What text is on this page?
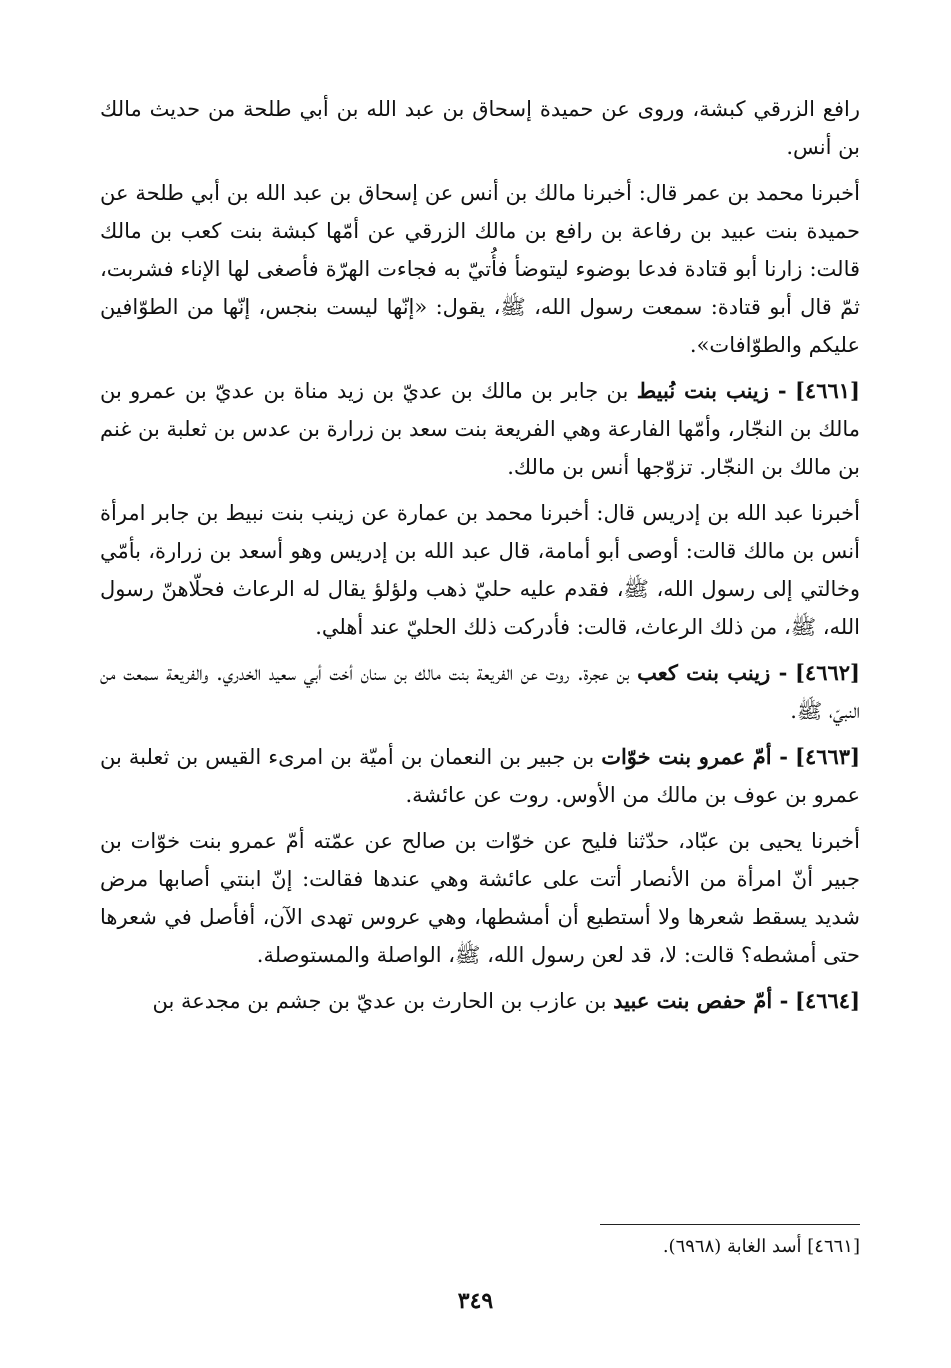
رافع الزرقي كبشة، وروى عن حميدة إسحاق بن عبد الله بن أبي طلحة من حديث مالك بن أنس.

أخبرنا محمد بن عمر قال: أخبرنا مالك بن أنس عن إسحاق بن عبد الله بن أبي طلحة عن حميدة بنت عبيد بن رفاعة بن رافع بن مالك الزرقي عن أمّها كبشة بنت كعب بن مالك قالت: زارنا أبو قتادة فدعا بوضوء ليتوضأ فأُتيّ به فجاءت الهرّة فأصغى لها الإناء فشربت، ثمّ قال أبو قتادة: سمعت رسول الله، ﷺ، يقول: «إنّها ليست بنجس، إنّها من الطوّافين عليكم والطوّافات».

[٤٦٦١] - زينب بنت نُبيط بن جابر بن مالك بن عديّ بن زيد مناة بن عديّ بن عمرو بن مالك بن النجّار، وأمّها الفارعة وهي الفريعة بنت سعد بن زرارة بن عدس بن ثعلبة بن غنم بن مالك بن النجّار. تزوّجها أنس بن مالك.

أخبرنا عبد الله بن إدريس قال: أخبرنا محمد بن عمارة عن زينب بنت نبيط بن جابر امرأة أنس بن مالك قالت: أوصى أبو أمامة، قال عبد الله بن إدريس وهو أسعد بن زرارة، بأمّي وخالتي إلى رسول الله، ﷺ، فقدم عليه حليّ ذهب ولؤلؤ يقال له الرعاث فحلّاهنّ رسول الله، ﷺ، من ذلك الرعاث، قالت: فأدركت ذلك الحليّ عند أهلي.

[٤٦٦٢] - زينب بنت كعب بن عجرة. روت عن الفريعة بنت مالك بن سنان أخت أبي سعيد الخدري. والفريعة سمعت من النبيّ، ﷺ.

[٤٦٦٣] - أمّ عمرو بنت خوّات بن جبير بن النعمان بن أميّة بن امرىء القيس بن ثعلبة بن عمرو بن عوف بن مالك من الأوس. روت عن عائشة.

أخبرنا يحيى بن عبّاد، حدّثنا فليح عن خوّات بن صالح عن عمّته أمّ عمرو بنت خوّات بن جبير أنّ امرأة من الأنصار أتت على عائشة وهي عندها فقالت: إنّ ابنتي أصابها مرض شديد يسقط شعرها ولا أستطيع أن أمشطها، وهي عروس تهدى الآن، أفأصل في شعرها حتى أمشطه؟ قالت: لا، قد لعن رسول الله، ﷺ، الواصلة والمستوصلة.

[٤٦٦٤] - أمّ حفص بنت عبيد بن عازب بن الحارث بن عديّ بن جشم بن مجدعة بن

[٤٦٦١] أسد الغابة (٦٩٦٨).
٣٤٩
